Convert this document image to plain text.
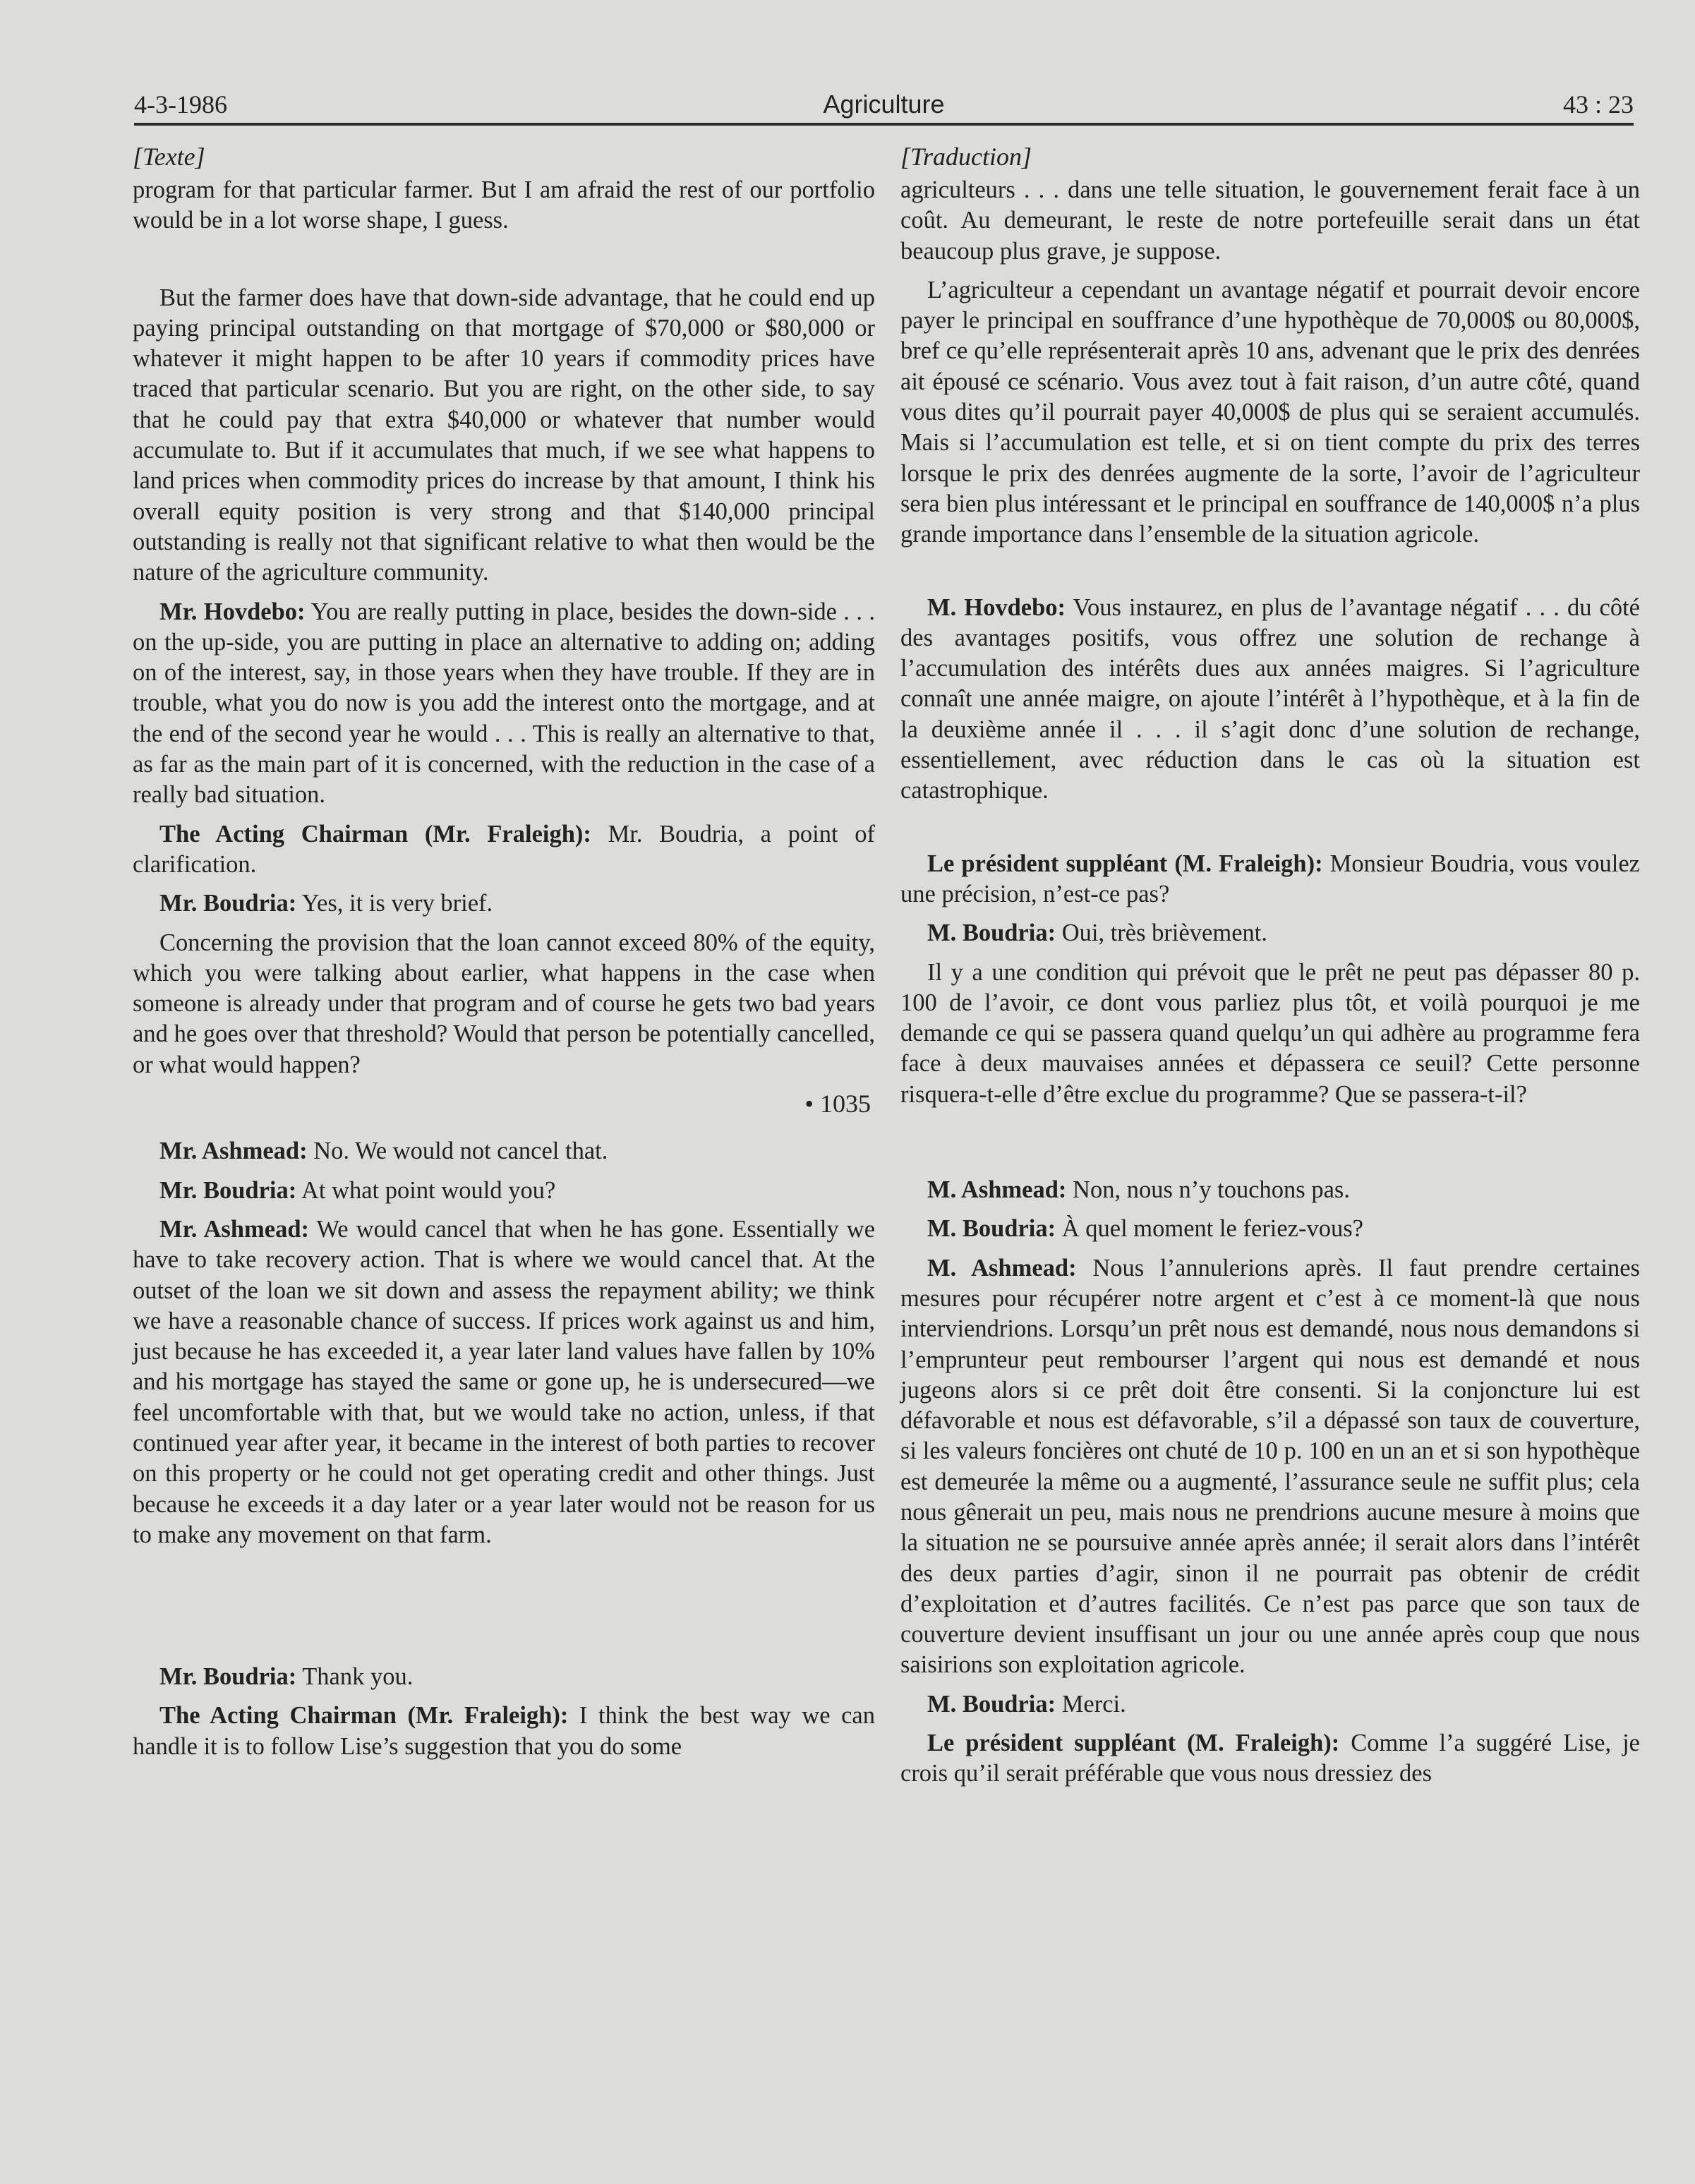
4-3-1986	Agriculture	43 : 23

[Texte]

program for that particular farmer. But I am afraid the rest of our portfolio would be in a lot worse shape, I guess.

But the farmer does have that down-side advantage, that he could end up paying principal outstanding on that mortgage of $70,000 or $80,000 or whatever it might happen to be after 10 years if commodity prices have traced that particular scenario. But you are right, on the other side, to say that he could pay that extra $40,000 or whatever that number would accumulate to. But if it accumulates that much, if we see what happens to land prices when commodity prices do increase by that amount, I think his overall equity position is very strong and that $140,000 principal outstanding is really not that significant relative to what then would be the nature of the agriculture community.

Mr. Hovdebo: You are really putting in place, besides the down-side . . . on the up-side, you are putting in place an alternative to adding on; adding on of the interest, say, in those years when they have trouble. If they are in trouble, what you do now is you add the interest onto the mortgage, and at the end of the second year he would . . . This is really an alternative to that, as far as the main part of it is concerned, with the reduction in the case of a really bad situation.

The Acting Chairman (Mr. Fraleigh): Mr. Boudria, a point of clarification.

Mr. Boudria: Yes, it is very brief.

Concerning the provision that the loan cannot exceed 80% of the equity, which you were talking about earlier, what happens in the case when someone is already under that program and of course he gets two bad years and he goes over that threshold? Would that person be potentially cancelled, or what would happen?

• 1035

Mr. Ashmead: No. We would not cancel that.

Mr. Boudria: At what point would you?

Mr. Ashmead: We would cancel that when he has gone. Essentially we have to take recovery action. That is where we would cancel that. At the outset of the loan we sit down and assess the repayment ability; we think we have a reasonable chance of success. If prices work against us and him, just because he has exceeded it, a year later land values have fallen by 10% and his mortgage has stayed the same or gone up, he is undersecured—we feel uncomfortable with that, but we would take no action, unless, if that continued year after year, it became in the interest of both parties to recover on this property or he could not get operating credit and other things. Just because he exceeds it a day later or a year later would not be reason for us to make any movement on that farm.

Mr. Boudria: Thank you.

The Acting Chairman (Mr. Fraleigh): I think the best way we can handle it is to follow Lise’s suggestion that you do some

[Traduction]

agriculteurs . . . dans une telle situation, le gouvernement ferait face à un coût. Au demeurant, le reste de notre portefeuille serait dans un état beaucoup plus grave, je suppose.

L’agriculteur a cependant un avantage négatif et pourrait devoir encore payer le principal en souffrance d’une hypothèque de 70,000$ ou 80,000$, bref ce qu’elle représenterait après 10 ans, advenant que le prix des denrées ait épousé ce scénario. Vous avez tout à fait raison, d’un autre côté, quand vous dites qu’il pourrait payer 40,000$ de plus qui se seraient accumulés. Mais si l’accumulation est telle, et si on tient compte du prix des terres lorsque le prix des denrées augmente de la sorte, l’avoir de l’agriculteur sera bien plus intéressant et le principal en souffrance de 140,000$ n’a plus grande importance dans l’ensemble de la situation agricole.

M. Hovdebo: Vous instaurez, en plus de l’avantage négatif . . . du côté des avantages positifs, vous offrez une solution de rechange à l’accumulation des intérêts dues aux années maigres. Si l’agriculture connaît une année maigre, on ajoute l’intérêt à l’hypothèque, et à la fin de la deuxième année il . . . il s’agit donc d’une solution de rechange, essentiellement, avec réduction dans le cas où la situation est catastrophique.

Le président suppléant (M. Fraleigh): Monsieur Boudria, vous voulez une précision, n’est-ce pas?

M. Boudria: Oui, très brièvement.

Il y a une condition qui prévoit que le prêt ne peut pas dépasser 80 p. 100 de l’avoir, ce dont vous parliez plus tôt, et voilà pourquoi je me demande ce qui se passera quand quelqu’un qui adhère au programme fera face à deux mauvaises années et dépassera ce seuil? Cette personne risquera-t-elle d’être exclue du programme? Que se passera-t-il?

M. Ashmead: Non, nous n’y touchons pas.

M. Boudria: À quel moment le feriez-vous?

M. Ashmead: Nous l’annulerions après. Il faut prendre certaines mesures pour récupérer notre argent et c’est à ce moment-là que nous interviendrions. Lorsqu’un prêt nous est demandé, nous nous demandons si l’emprunteur peut rembourser l’argent qui nous est demandé et nous jugeons alors si ce prêt doit être consenti. Si la conjoncture lui est défavorable et nous est défavorable, s’il a dépassé son taux de couverture, si les valeurs foncières ont chuté de 10 p. 100 en un an et si son hypothèque est demeurée la même ou a augmenté, l’assurance seule ne suffit plus; cela nous gênerait un peu, mais nous ne prendrions aucune mesure à moins que la situation ne se poursuive année après année; il serait alors dans l’intérêt des deux parties d’agir, sinon il ne pourrait pas obtenir de crédit d’exploitation et d’autres facilités. Ce n’est pas parce que son taux de couverture devient insuffisant un jour ou une année après coup que nous saisirions son exploitation agricole.

M. Boudria: Merci.

Le président suppléant (M. Fraleigh): Comme l’a suggéré Lise, je crois qu’il serait préférable que vous nous dressiez des
